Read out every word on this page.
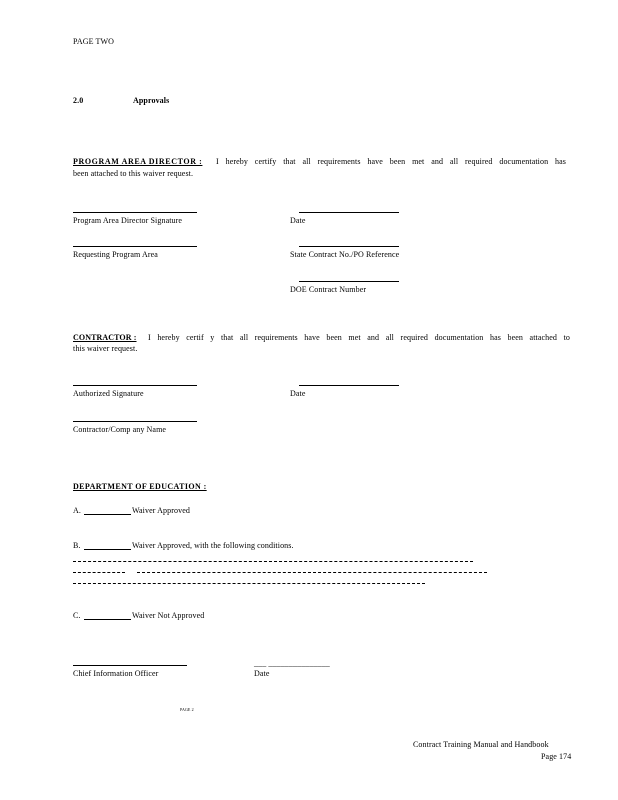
PAGE TWO
2.0	Approvals
PROGRAM AREA DIRECTOR :	I hereby certify that all requirements have been met and all required documentation has
been attached to this waiver request.
Program Area Director Signature	Date
Requesting Program Area	State Contract No./PO Reference
DOE Contract Number
CONTRACTOR :	I hereby certif y that all requirements have been met and all required documentation has been attached to
this waiver request.
Authorized Signature	Date
Contractor/Comp any Name
DEPARTMENT OF EDUCATION :
A.	Waiver Approved
B.	Waiver Approved, with the following conditions.
C.	Waiver Not Approved
___ _______________
Chief Information Officer	Date
PAGE 2
Contract Training Manual and Handbook
Page 174
